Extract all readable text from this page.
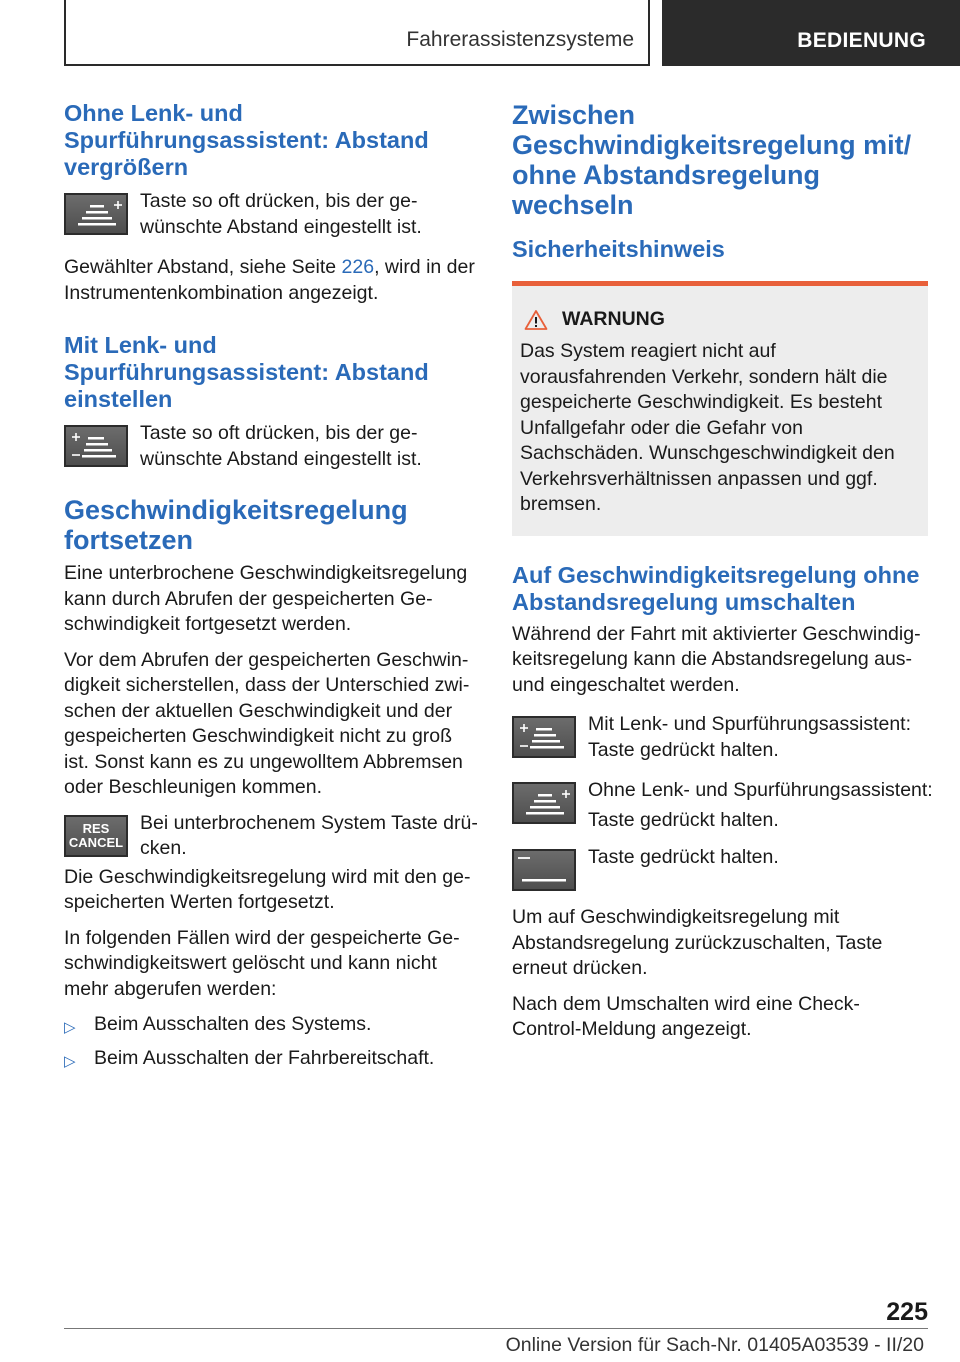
Fahrerassistenzsysteme	BEDIENUNG
Ohne Lenk- und Spurführungsassistent: Abstand vergrößern
Taste so oft drücken, bis der gewünschte Abstand eingestellt ist.

Gewählter Abstand, siehe Seite 226, wird in der Instrumentenkombination angezeigt.

Mit Lenk- und Spurführungsassistent: Abstand einstellen
Taste so oft drücken, bis der gewünschte Abstand eingestellt ist.
Geschwindigkeitsregelung fortsetzen

Eine unterbrochene Geschwindigkeitsregelung kann durch Abrufen der gespeicherten Geschwindigkeit fortgesetzt werden.

Vor dem Abrufen der gespeicherten Geschwindigkeit sicherstellen, dass der Unterschied zwischen der aktuellen Geschwindigkeit und der gespeicherten Geschwindigkeit nicht zu groß ist. Sonst kann es zu ungewolltem Abbremsen oder Beschleunigen kommen.

RES
CANCEL
Bei unterbrochenem System Taste drücken.

Die Geschwindigkeitsregelung wird mit den gespeicherten Werten fortgesetzt.

In folgenden Fällen wird der gespeicherte Geschwindigkeitswert gelöscht und kann nicht mehr abgerufen werden:

▷ Beim Ausschalten des Systems.
▷ Beim Ausschalten der Fahrbereitschaft.
Zwischen Geschwindigkeitsregelung mit/ ohne Abstandsregelung wechseln
Sicherheitshinweis
WARNUNG

Das System reagiert nicht auf vorausfahrenden Verkehr, sondern hält die gespeicherte Geschwindigkeit. Es besteht Unfallgefahr oder die Gefahr von Sachschäden. Wunschgeschwindigkeit den Verkehrsverhältnissen anpassen und ggf. bremsen.

Auf Geschwindigkeitsregelung ohne Abstandsregelung umschalten

Während der Fahrt mit aktivierter Geschwindigkeitsregelung kann die Abstandsregelung aus- und eingeschaltet werden.

Mit Lenk- und Spurführungsassistent: Taste gedrückt halten.
Ohne Lenk- und Spurführungsassistent:
Taste gedrückt halten.
Taste gedrückt halten.

Um auf Geschwindigkeitsregelung mit Abstandsregelung zurückzuschalten, Taste erneut drücken.

Nach dem Umschalten wird eine Check-Control-Meldung angezeigt.

225
Online Version für Sach-Nr. 01405A03539 - II/20
